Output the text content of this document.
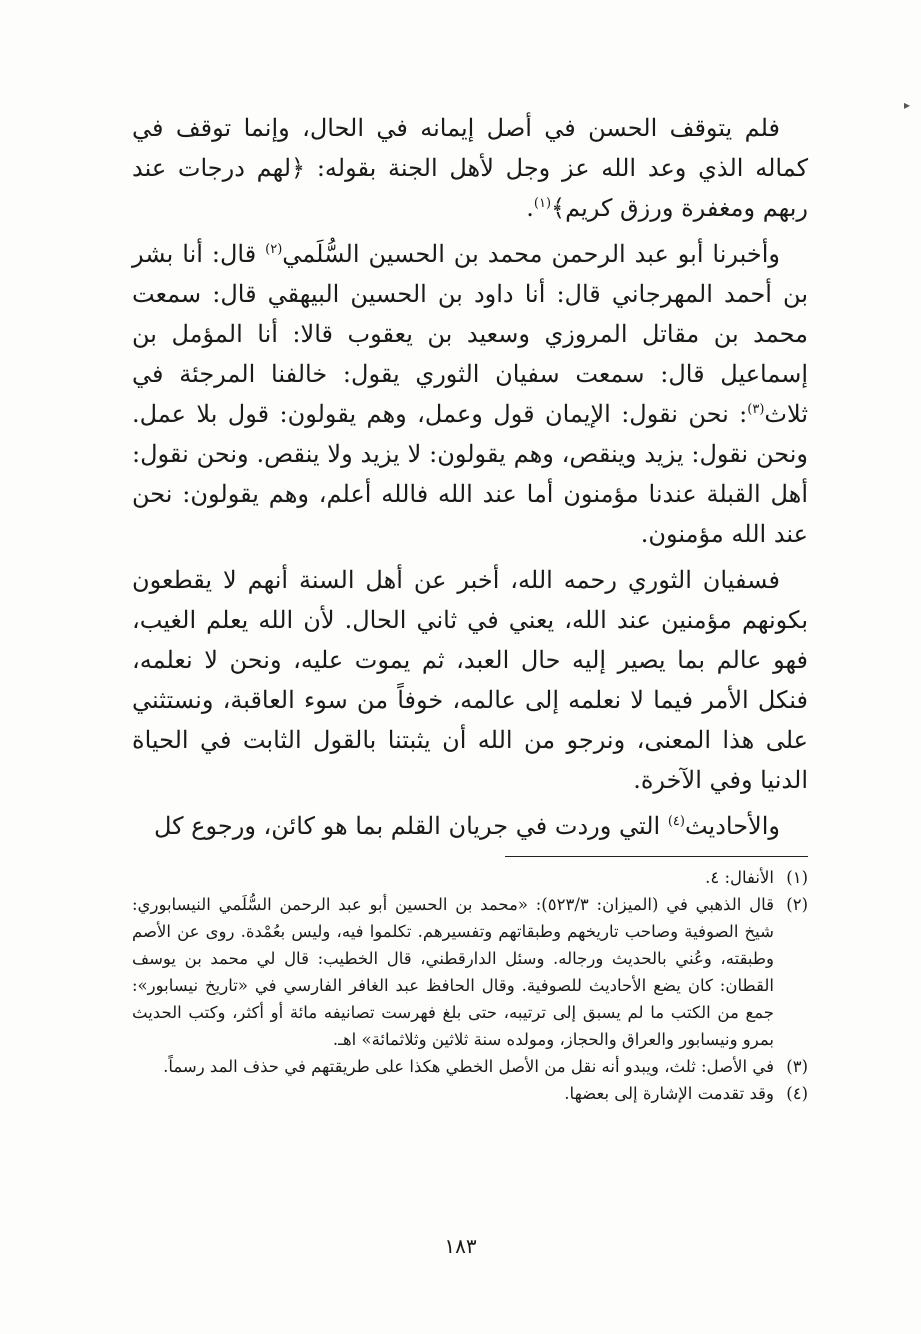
فلم يتوقف الحسن في أصل إيمانه في الحال، وإنما توقف في كماله الذي وعد الله عز وجل لأهل الجنة بقوله: ﴿لهم درجات عند ربهم ومغفرة ورزق كريم﴾$^{(١)}$.

وأخبرنا أبو عبد الرحمن محمد بن الحسين السُّلَمي$^{(٢)}$ قال: أنا بشر بن أحمد المهرجاني قال: أنا داود بن الحسين البيهقي قال: سمعت محمد بن مقاتل المروزي وسعيد بن يعقوب قالا: أنا المؤمل بن إسماعيل قال: سمعت سفيان الثوري يقول: خالفنا المرجئة في ثلاث$^{(٣)}$: نحن نقول: الإيمان قول وعمل، وهم يقولون: قول بلا عمل. ونحن نقول: يزيد وينقص، وهم يقولون: لا يزيد ولا ينقص. ونحن نقول: أهل القبلة عندنا مؤمنون أما عند الله فالله أعلم، وهم يقولون: نحن عند الله مؤمنون.

فسفيان الثوري رحمه الله، أخبر عن أهل السنة أنهم لا يقطعون بكونهم مؤمنين عند الله، يعني في ثاني الحال. لأن الله يعلم الغيب، فهو عالم بما يصير إليه حال العبد، ثم يموت عليه، ونحن لا نعلمه، فنكل الأمر فيما لا نعلمه إلى عالمه، خوفاً من سوء العاقبة، ونستثني على هذا المعنى، ونرجو من الله أن يثبتنا بالقول الثابت في الحياة الدنيا وفي الآخرة.

والأحاديث$^{(٤)}$ التي وردت في جريان القلم بما هو كائن، ورجوع كل

(١)
الأنفال: ٤.
(٢)
قال الذهبي في (الميزان: ٥٢٣/٣): «محمد بن الحسين أبو عبد الرحمن السُّلَمي النيسابوري: شيخ الصوفية وصاحب تاريخهم وطبقاتهم وتفسيرهم. تكلموا فيه، وليس بعُمْدة. روى عن الأصم وطبقته، وعُني بالحديث ورجاله. وسئل الدارقطني، قال الخطيب: قال لي محمد بن يوسف القطان: كان يضع الأحاديث للصوفية. وقال الحافظ عبد الغافر الفارسي في «تاريخ نيسابور»: جمع من الكتب ما لم يسبق إلى ترتيبه، حتى بلغ فهرست تصانيفه مائة أو أكثر، وكتب الحديث بمرو ونيسابور والعراق والحجاز، ومولده سنة ثلاثين وثلاثمائة» اهـ.
(٣)
في الأصل: ثلث، ويبدو أنه نقل من الأصل الخطي هكذا على طريقتهم في حذف المد رسماً.
(٤)
وقد تقدمت الإشارة إلى بعضها.
١٨٣
▸
